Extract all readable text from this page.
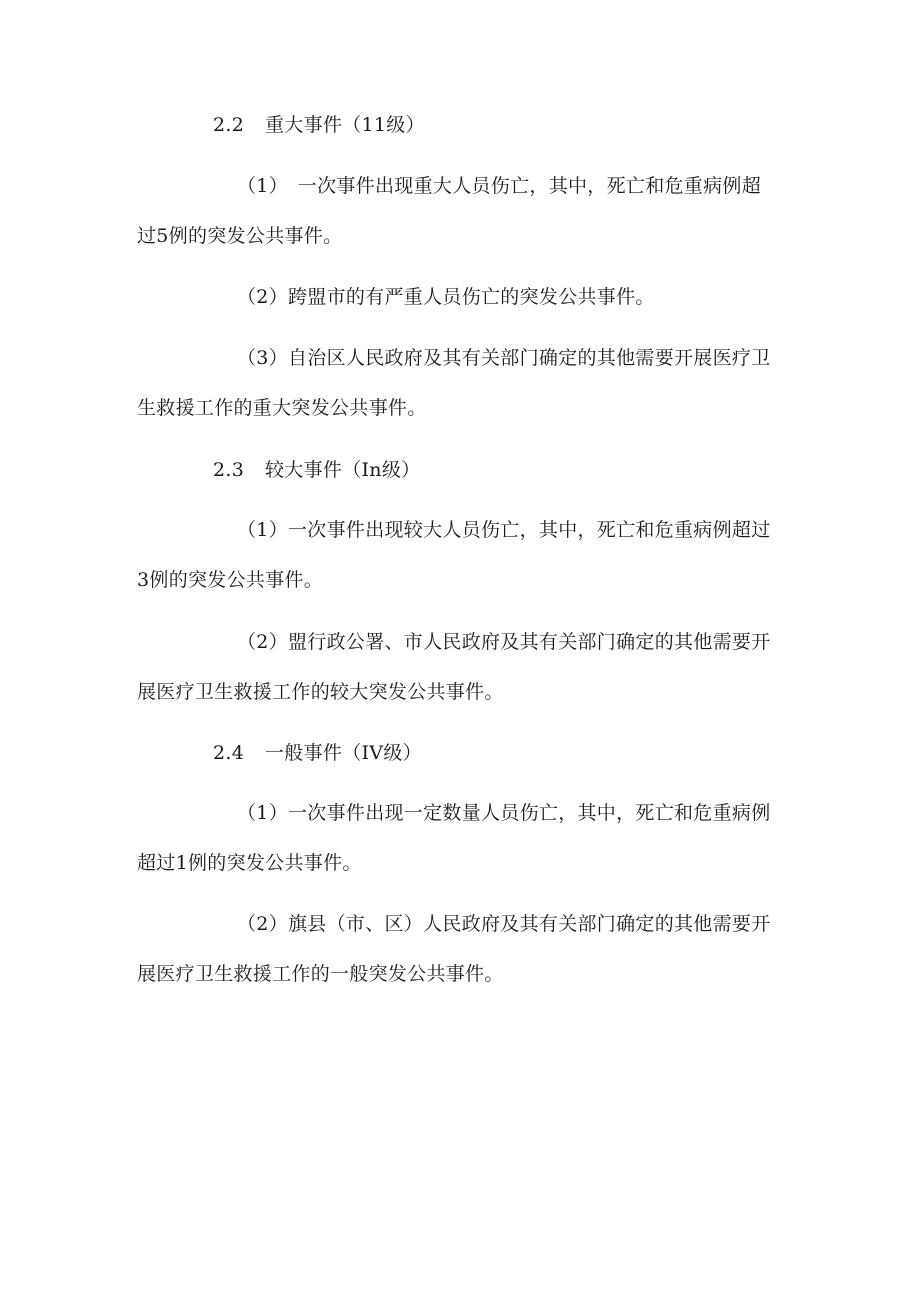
2.2 重大事件（11级）
（1）　一次事件出现重大人员伤亡，其中，死亡和危重病例超
过5例的突发公共事件。
（2）跨盟市的有严重人员伤亡的突发公共事件。
（3）自治区人民政府及其有关部门确定的其他需要开展医疗卫
生救援工作的重大突发公共事件。
2.3 较大事件（In级）
（1）一次事件出现较大人员伤亡，其中，死亡和危重病例超过
3例的突发公共事件。
（2）盟行政公署、市人民政府及其有关部门确定的其他需要开
展医疗卫生救援工作的较大突发公共事件。
2.4 一般事件（IV级）
（1）一次事件出现一定数量人员伤亡，其中，死亡和危重病例
超过1例的突发公共事件。
（2）旗县（市、区）人民政府及其有关部门确定的其他需要开
展医疗卫生救援工作的一般突发公共事件。
